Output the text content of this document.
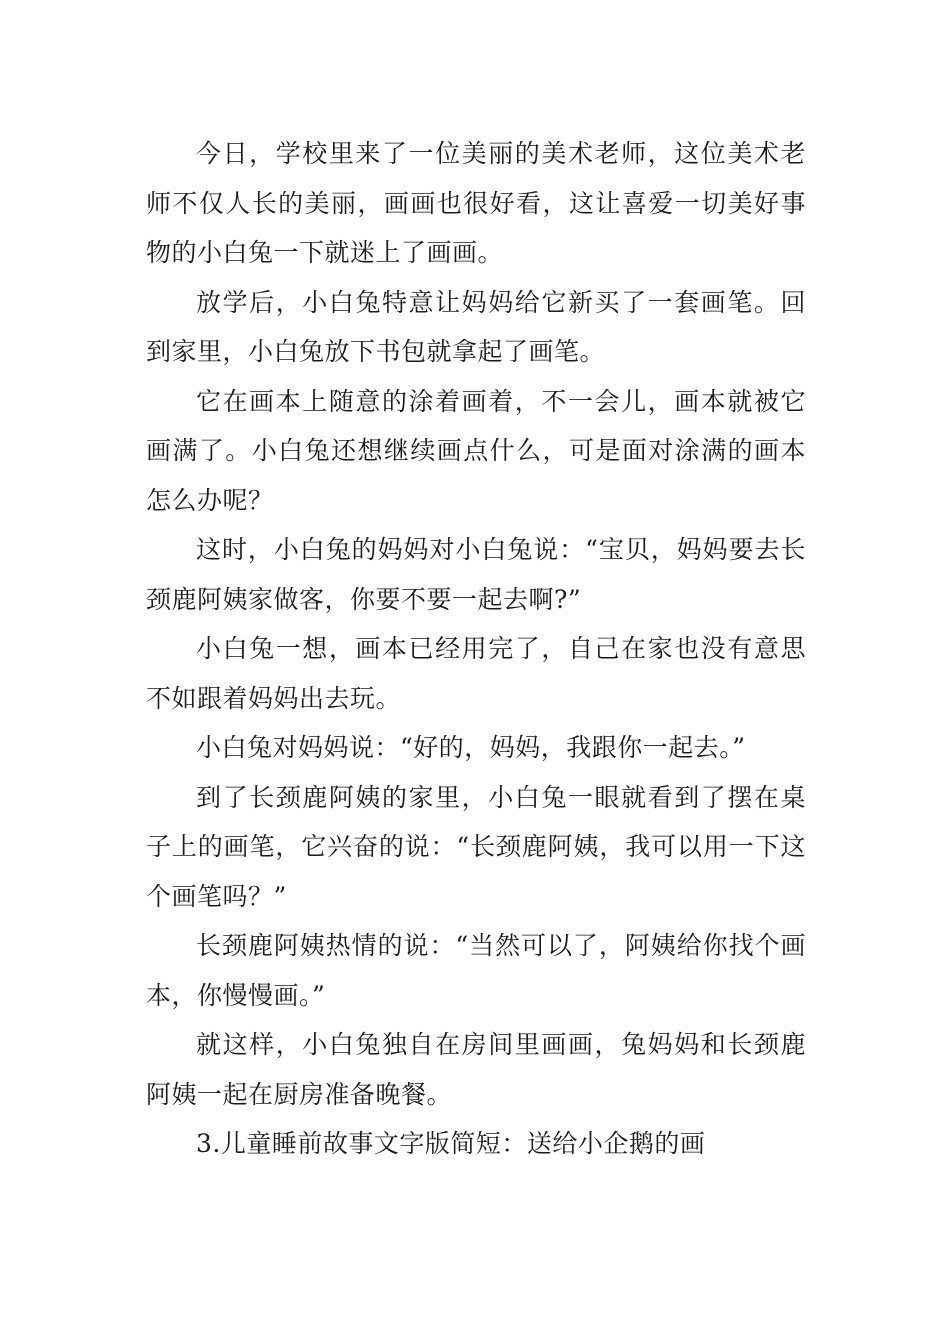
今日，学校里来了一位美丽的美术老师，这位美术老师不仅人长的美丽，画画也很好看，这让喜爱一切美好事物的小白兔一下就迷上了画画。

放学后，小白兔特意让妈妈给它新买了一套画笔。回到家里，小白兔放下书包就拿起了画笔。

它在画本上随意的涂着画着，不一会儿，画本就被它画满了。小白兔还想继续画点什么，可是面对涂满的画本怎么办呢？

这时，小白兔的妈妈对小白兔说：“宝贝，妈妈要去长颈鹿阿姨家做客，你要不要一起去啊?”

小白兔一想，画本已经用完了，自己在家也没有意思不如跟着妈妈出去玩。

小白兔对妈妈说：“好的，妈妈，我跟你一起去。”

到了长颈鹿阿姨的家里，小白兔一眼就看到了摆在桌子上的画笔，它兴奋的说：“长颈鹿阿姨，我可以用一下这个画笔吗？”

长颈鹿阿姨热情的说：“当然可以了，阿姨给你找个画本，你慢慢画。”

就这样，小白兔独自在房间里画画，兔妈妈和长颈鹿阿姨一起在厨房准备晚餐。

3.儿童睡前故事文字版简短：送给小企鹅的画
